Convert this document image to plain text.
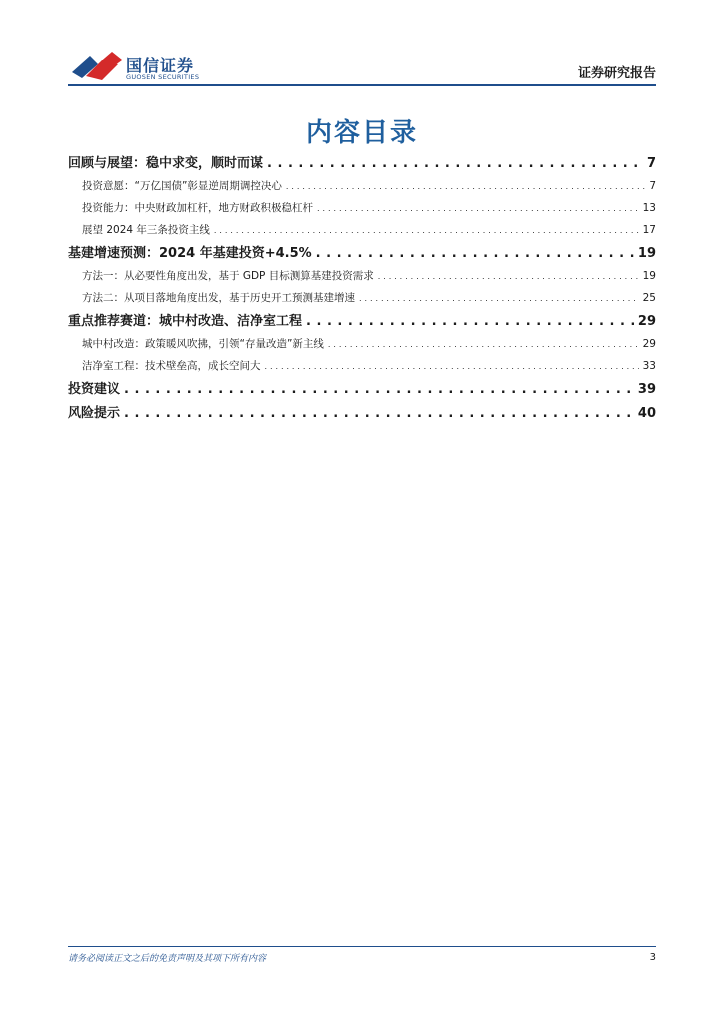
国信证券
GUOSEN SECURITIES	证券研究报告
内容目录
回顾与展望：稳中求变，顺时而谋 . . .	7
投资意愿：“万亿国债”彰显逆周期调控决心 . . .	7
投资能力：中央财政加杠杆，地方财政积极稳杠杆 . . .	13
展望 2024 年三条投资主线 . . .	17
基建增速预测：2024 年基建投资+4.5% . . .	19
方法一：从必要性角度出发，基于 GDP 目标测算基建投资需求 . . .	19
方法二：从项目落地角度出发，基于历史开工预测基建增速 . . .	25
重点推荐赛道：城中村改造、洁净室工程 . . .	29
城中村改造：政策暖风吹拂，引领“存量改造”新主线 . . .	29
洁净室工程：技术壁垒高，成长空间大 . . .	33
投资建议 . . .	39
风险提示 . . .	40
请务必阅读正文之后的免责声明及其项下所有内容	3
